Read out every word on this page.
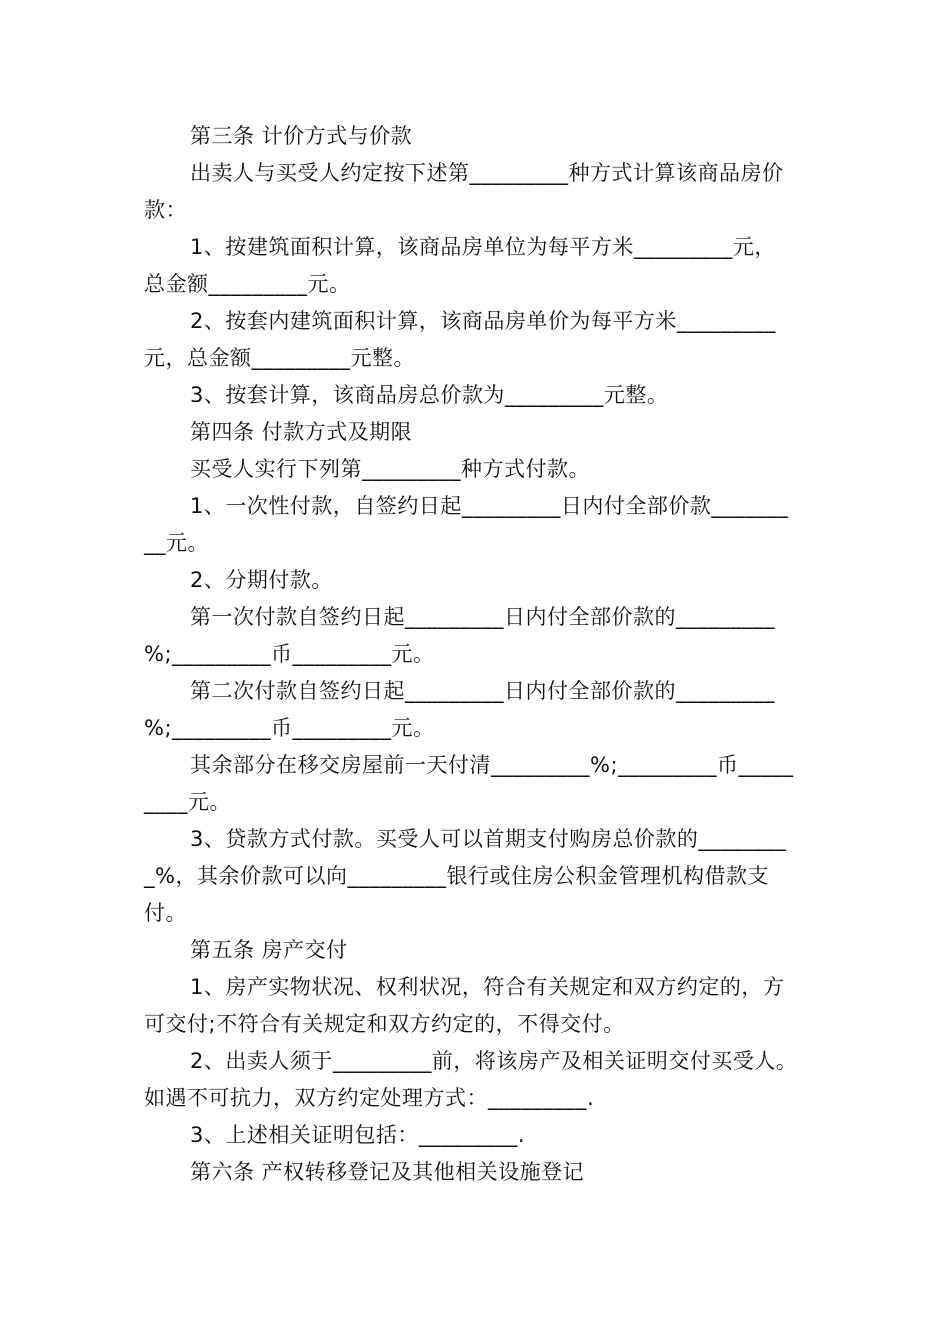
第三条 计价方式与价款
出卖人与买受人约定按下述第_________种方式计算该商品房价
款：
1、按建筑面积计算，该商品房单位为每平方米_________元，
总金额_________元。
2、按套内建筑面积计算，该商品房单价为每平方米_________
元，总金额_________元整。
3、按套计算，该商品房总价款为_________元整。
第四条 付款方式及期限
买受人实行下列第_________种方式付款。
1、一次性付款，自签约日起_________日内付全部价款_______
__元。
2、分期付款。
第一次付款自签约日起_________日内付全部价款的_________
%;_________币_________元。
第二次付款自签约日起_________日内付全部价款的_________
%;_________币_________元。
其余部分在移交房屋前一天付清_________%;_________币_____
____元。
3、贷款方式付款。买受人可以首期支付购房总价款的________
_%，其余价款可以向_________银行或住房公积金管理机构借款支
付。
第五条 房产交付
1、房产实物状况、权利状况，符合有关规定和双方约定的，方
可交付;不符合有关规定和双方约定的，不得交付。
2、出卖人须于_________前，将该房产及相关证明交付买受人。
如遇不可抗力，双方约定处理方式：_________.
3、上述相关证明包括：_________.
第六条 产权转移登记及其他相关设施登记
